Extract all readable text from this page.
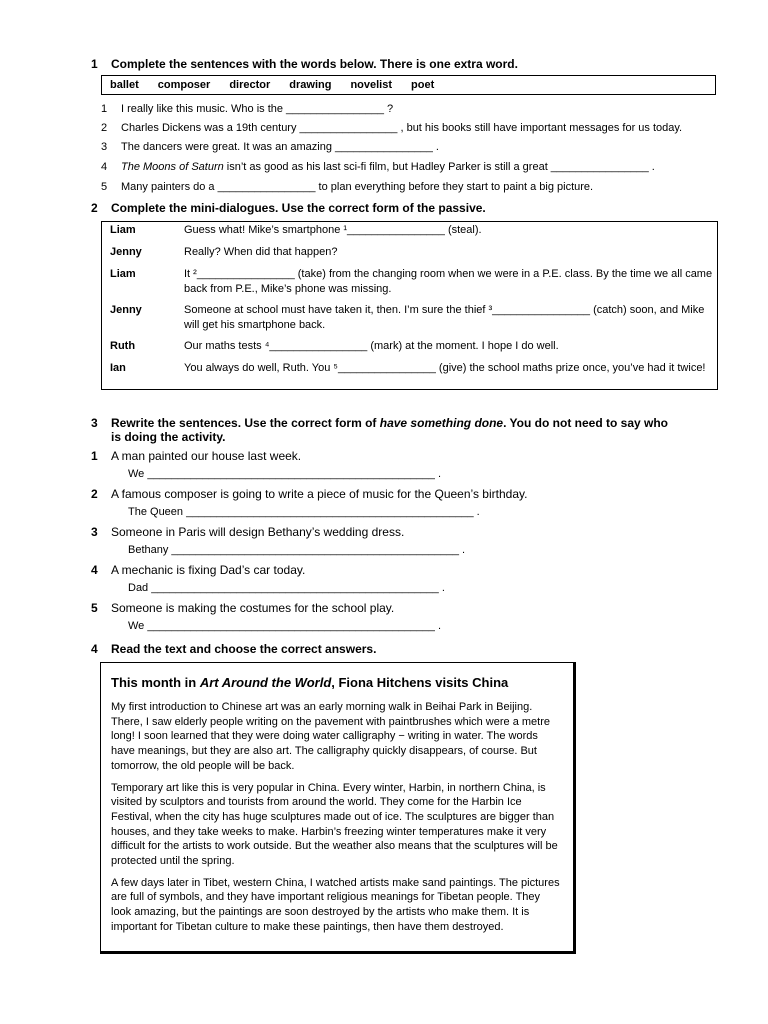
1 Complete the sentences with the words below. There is one extra word.
ballet composer director drawing novelist poet
1 I really like this music. Who is the ________________ ?
2 Charles Dickens was a 19th century ________________ , but his books still have important messages for us today.
3 The dancers were great. It was an amazing ________________ .
4 The Moons of Saturn isn’t as good as his last sci-fi film, but Hadley Parker is still a great ________________ .
5 Many painters do a ________________ to plan everything before they start to paint a big picture.
2 Complete the mini-dialogues. Use the correct form of the passive.
Liam	Guess what! Mike’s smartphone ¹________________ (steal).
Jenny	Really? When did that happen?
Liam	It ²________________ (take) from the changing room when we were in a P.E. class. By the time we all came back from P.E., Mike’s phone was missing.
Jenny	Someone at school must have taken it, then. I’m sure the thief ³________________ (catch) soon, and Mike will get his smartphone back.
Ruth	Our maths tests ⁴________________ (mark) at the moment. I hope I do well.
Ian	You always do well, Ruth. You ⁵________________ (give) the school maths prize once, you’ve had it twice!
3 Rewrite the sentences. Use the correct form of have something done. You do not need to say who
is doing the activity.
1 A man painted our house last week.
We _______________________________________________ .
2 A famous composer is going to write a piece of music for the Queen’s birthday.
The Queen _______________________________________________ .
3 Someone in Paris will design Bethany’s wedding dress.
Bethany _______________________________________________ .
4 A mechanic is fixing Dad’s car today.
Dad _______________________________________________ .
5 Someone is making the costumes for the school play.
We _______________________________________________ .
4 Read the text and choose the correct answers.
This month in Art Around the World, Fiona Hitchens visits China

My first introduction to Chinese art was an early morning walk in Beihai Park in Beijing. There, I saw elderly people writing on the pavement with paintbrushes which were a metre long! I soon learned that they were doing water calligraphy − writing in water. The words have meanings, but they are also art. The calligraphy quickly disappears, of course. But tomorrow, the old people will be back.

Temporary art like this is very popular in China. Every winter, Harbin, in northern China, is visited by sculptors and tourists from around the world. They come for the Harbin Ice Festival, when the city has huge sculptures made out of ice. The sculptures are bigger than houses, and they take weeks to make. Harbin’s freezing winter temperatures make it very difficult for the artists to work outside. But the weather also means that the sculptures will be protected until the spring.

A few days later in Tibet, western China, I watched artists make sand paintings. The pictures are full of symbols, and they have important religious meanings for Tibetan people. They look amazing, but the paintings are soon destroyed by the artists who make them. It is important for Tibetan culture to make these paintings, then have them destroyed.
